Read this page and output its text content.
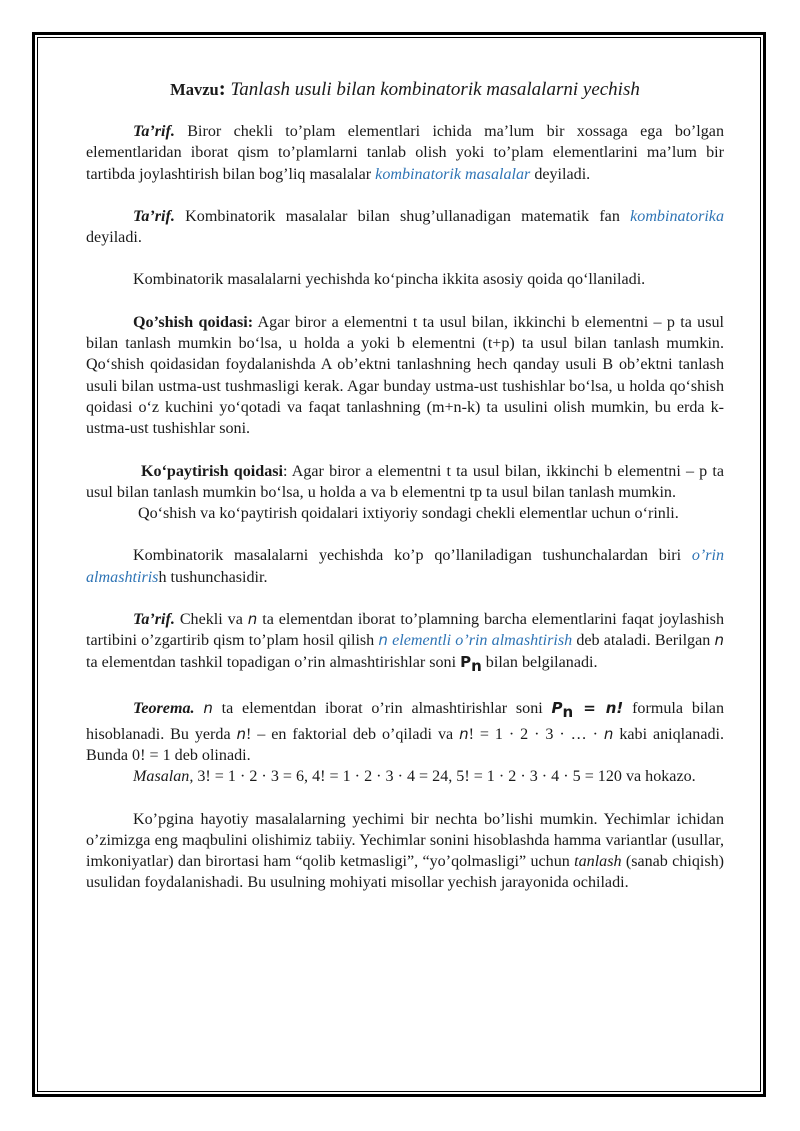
Mavzu: Tanlash usuli bilan kombinatorik masalalarni yechish

Ta’rif. Biror chekli to’plam elementlari ichida ma’lum bir xossaga ega bo’lgan elementlaridan iborat qism to’plamlarni tanlab olish yoki to’plam elementlarini ma’lum bir tartibda joylashtirish bilan bog’liq masalalar kombinatorik masalalar deyiladi.

Ta’rif. Kombinatorik masalalar bilan shug’ullanadigan matematik fan kombinatorika deyiladi.

Kombinatorik masalalarni yechishda koʻpincha ikkita asosiy qoida qoʻllaniladi.

Qo’shish qoidasi: Agar biror a elementni t ta usul bilan, ikkinchi b elementni – p ta usul bilan tanlash mumkin boʻlsa, u holda a yoki b elementni (t+p) ta usul bilan tanlash mumkin. Qoʻshish qoidasidan foydalanishda A ob’ektni tanlashning hech qanday usuli B ob’ektni tanlash usuli bilan ustma-ust tushmasligi kerak. Agar bunday ustma-ust tushishlar boʻlsa, u holda qoʻshish qoidasi oʻz kuchini yoʻqotadi va faqat tanlashning (m+n-k) ta usulini olish mumkin, bu erda k-ustma-ust tushishlar soni.

Koʻpaytirish qoidasi: Agar biror a elementni t ta usul bilan, ikkinchi b elementni – p ta usul bilan tanlash mumkin boʻlsa, u holda a va b elementni tp ta usul bilan tanlash mumkin.

Qoʻshish va koʻpaytirish qoidalari ixtiyoriy sondagi chekli elementlar uchun oʻrinli.

Kombinatorik masalalarni yechishda ko’p qo’llaniladigan tushunchalardan biri o’rin almashtirish tushunchasidir.

Ta’rif. Chekli va n ta elementdan iborat to’plamning barcha elementlarini faqat joylashish tartibini o’zgartirib qism to’plam hosil qilish n elementli o’rin almashtirish deb ataladi. Berilgan n ta elementdan tashkil topadigan o’rin almashtirishlar soni $P_n$ bilan belgilanadi.

Teorema. n ta elementdan iborat o’rin almashtirishlar soni $P_n = n$! formula bilan hisoblanadi. Bu yerda n! – en faktorial deb o’qiladi va n! = 1 · 2 · 3 · … · n kabi aniqlanadi. Bunda 0! = 1 deb olinadi.

Masalan, 3! = 1 · 2 · 3 = 6, 4! = 1 · 2 · 3 · 4 = 24, 5! = 1 · 2 · 3 · 4 · 5 = 120 va hokazo.

Ko’pgina hayotiy masalalarning yechimi bir nechta bo’lishi mumkin. Yechimlar ichidan o’zimizga eng maqbulini olishimiz tabiiy. Yechimlar sonini hisoblashda hamma variantlar (usullar, imkoniyatlar) dan birortasi ham “qolib ketmasligi”, “yo’qolmasligi” uchun tanlash (sanab chiqish) usulidan foydalanishadi. Bu usulning mohiyati misollar yechish jarayonida ochiladi.
